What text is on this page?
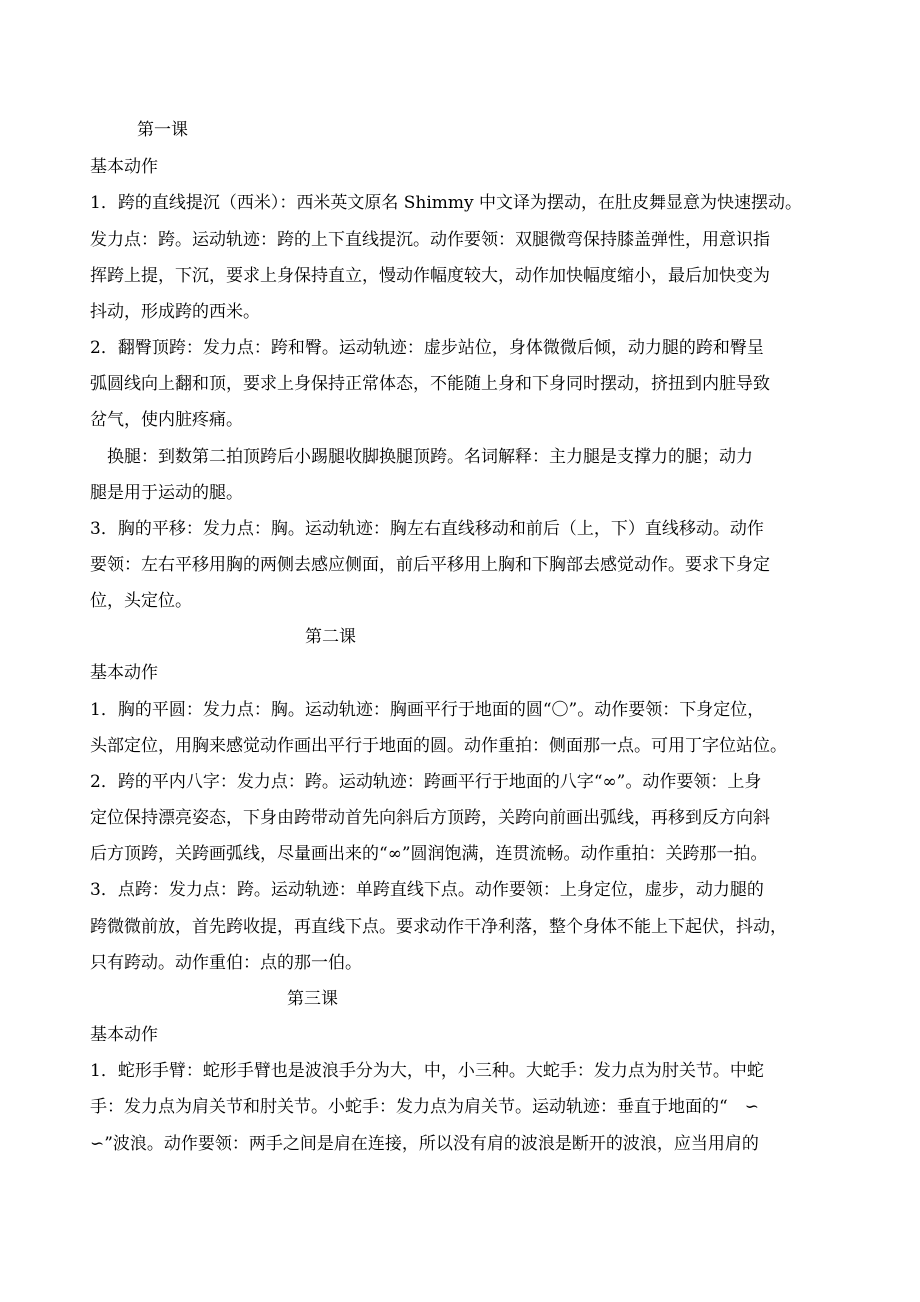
第一课
基本动作
1．跨的直线提沉（西米）：西米英文原名 Shimmy 中文译为摆动，在肚皮舞显意为快速摆动。
发力点：跨。运动轨迹：跨的上下直线提沉。动作要领：双腿微弯保持膝盖弹性，用意识指
挥跨上提，下沉，要求上身保持直立，慢动作幅度较大，动作加快幅度缩小，最后加快变为
抖动，形成跨的西米。
2．翻臀顶跨：发力点：跨和臀。运动轨迹：虚步站位，身体微微后倾，动力腿的跨和臀呈
弧圆线向上翻和顶，要求上身保持正常体态，不能随上身和下身同时摆动，挤扭到内脏导致
岔气，使内脏疼痛。
　换腿：到数第二拍顶跨后小踢腿收脚换腿顶跨。名词解释：主力腿是支撑力的腿；动力
腿是用于运动的腿。
3．胸的平移：发力点：胸。运动轨迹：胸左右直线移动和前后（上，下）直线移动。动作
要领：左右平移用胸的两侧去感应侧面，前后平移用上胸和下胸部去感觉动作。要求下身定
位，头定位。
第二课
基本动作
1．胸的平圆：发力点：胸。运动轨迹：胸画平行于地面的圆“〇”。动作要领：下身定位，
头部定位，用胸来感觉动作画出平行于地面的圆。动作重拍：侧面那一点。可用丁字位站位。
2．跨的平内八字：发力点：跨。运动轨迹：跨画平行于地面的八字“∞”。动作要领：上身
定位保持漂亮姿态，下身由跨带动首先向斜后方顶跨，关跨向前画出弧线，再移到反方向斜
后方顶跨，关跨画弧线，尽量画出来的“∞”圆润饱满，连贯流畅。动作重拍：关跨那一拍。
3．点跨：发力点：跨。运动轨迹：单跨直线下点。动作要领：上身定位，虚步，动力腿的
跨微微前放，首先跨收提，再直线下点。要求动作干净利落，整个身体不能上下起伏，抖动，
只有跨动。动作重伯：点的那一伯。
第三课
基本动作
1．蛇形手臂：蛇形手臂也是波浪手分为大，中，小三种。大蛇手：发力点为肘关节。中蛇
手：发力点为肩关节和肘关节。小蛇手：发力点为肩关节。运动轨迹：垂直于地面的“　∽
∽”波浪。动作要领：两手之间是肩在连接，所以没有肩的波浪是断开的波浪，应当用肩的
